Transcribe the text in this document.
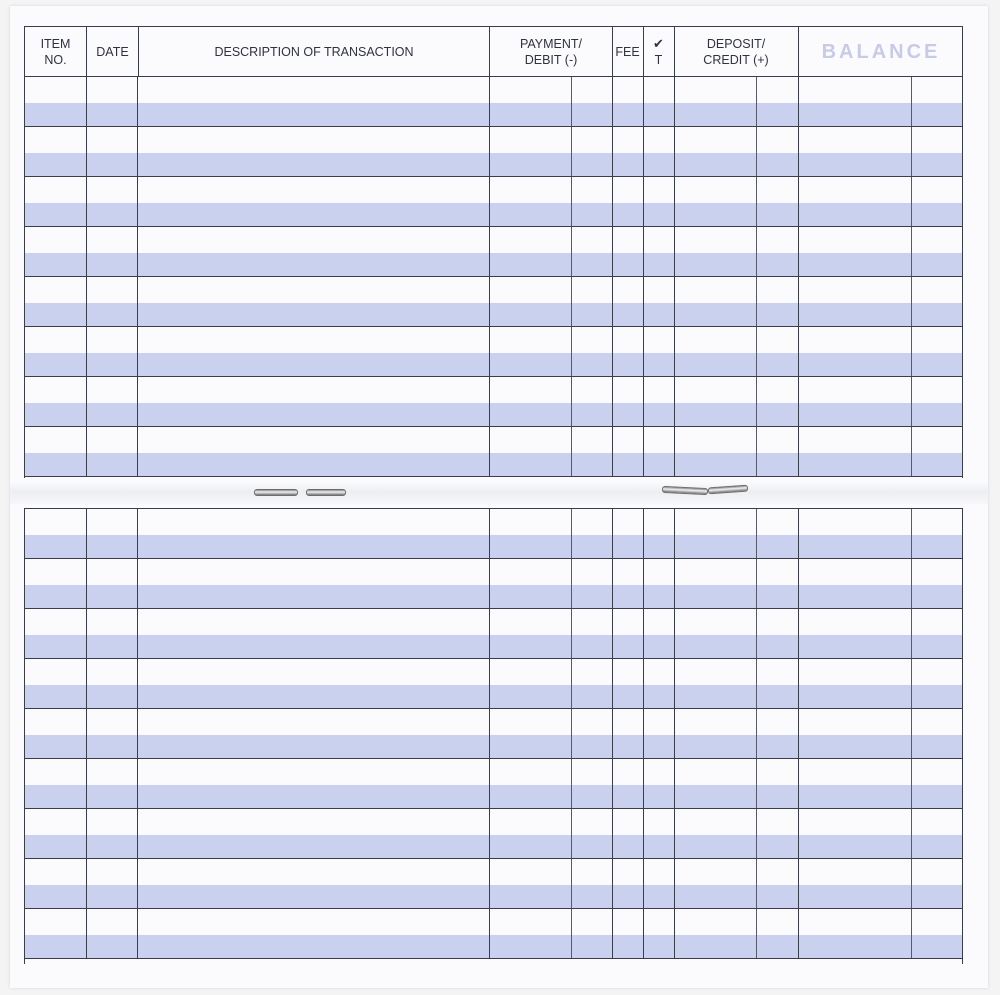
ITEM
NO.
DATE	DESCRIPTION OF TRANSACTION
PAYMENT/
DEBIT (-)
FEE
✔
T
DEPOSIT/
CREDIT (+)	BALANCE
